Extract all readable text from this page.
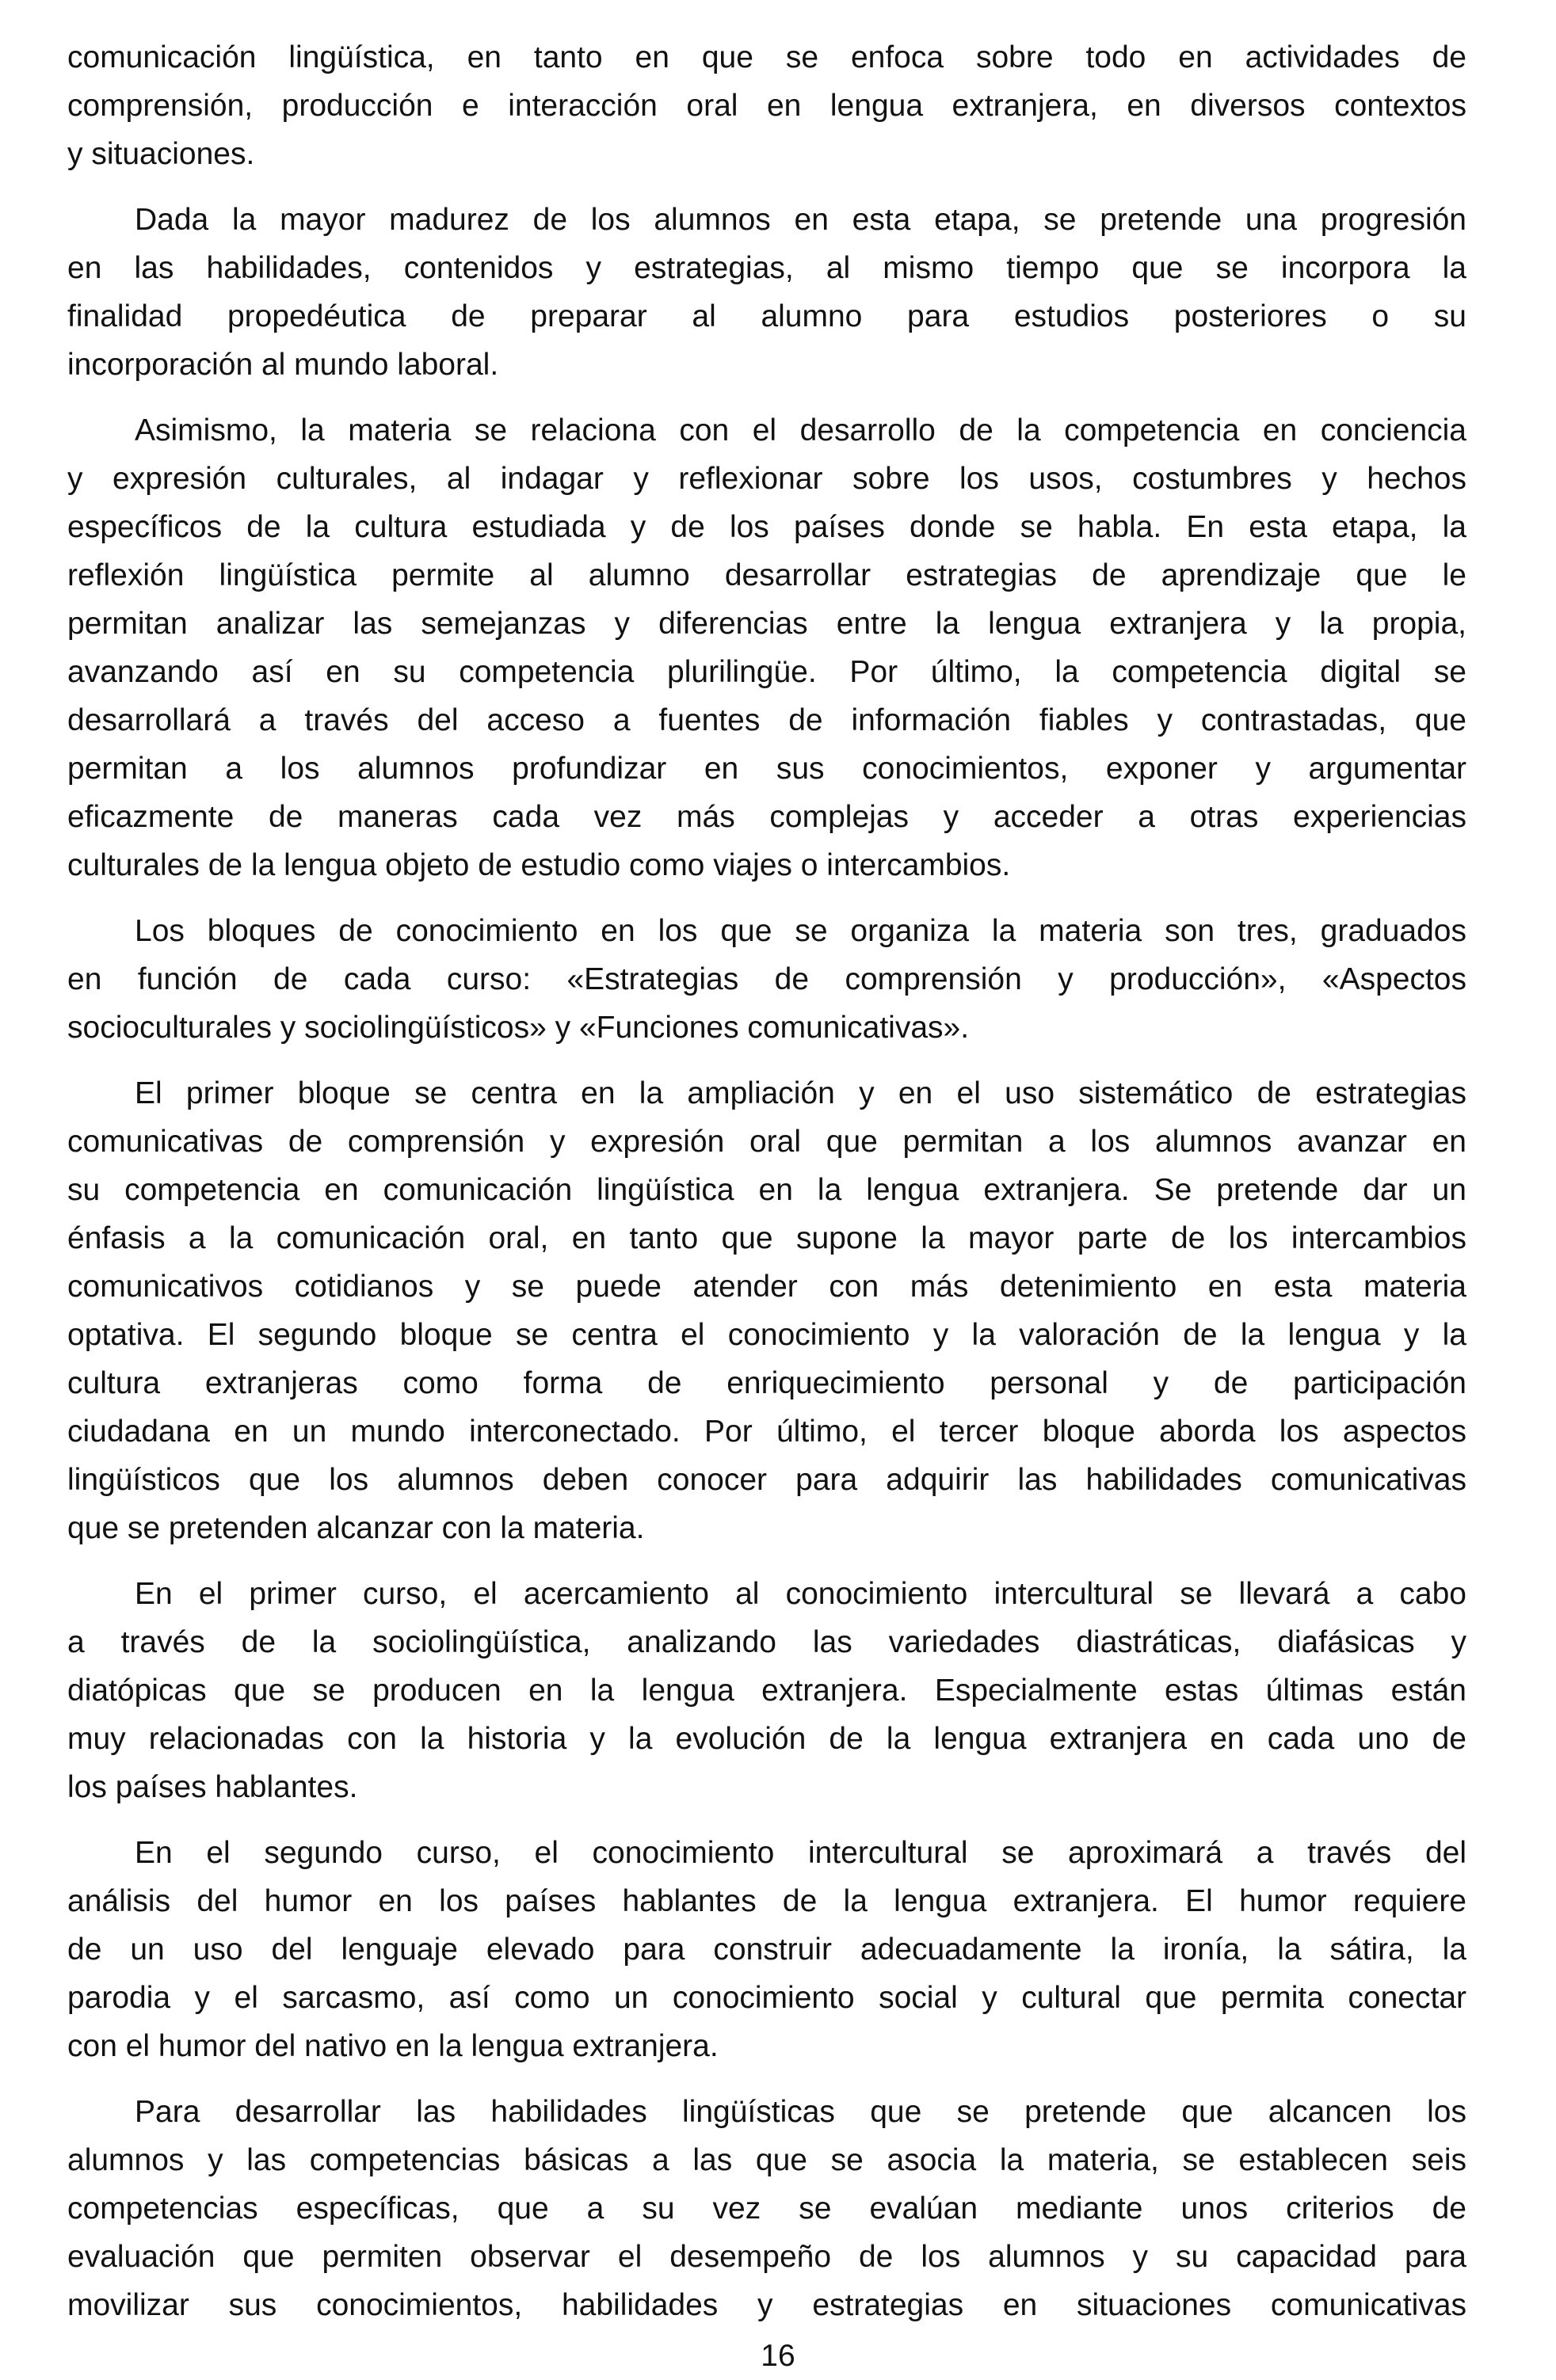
comunicación lingüística, en tanto en que se enfoca sobre todo en actividades de
comprensión, producción e interacción oral en lengua extranjera, en diversos contextos
y situaciones.
Dada la mayor madurez de los alumnos en esta etapa, se pretende una progresión
en las habilidades, contenidos y estrategias, al mismo tiempo que se incorpora la
finalidad propedéutica de preparar al alumno para estudios posteriores o su
incorporación al mundo laboral.
Asimismo, la materia se relaciona con el desarrollo de la competencia en conciencia
y expresión culturales, al indagar y reflexionar sobre los usos, costumbres y hechos
específicos de la cultura estudiada y de los países donde se habla. En esta etapa, la
reflexión lingüística permite al alumno desarrollar estrategias de aprendizaje que le
permitan analizar las semejanzas y diferencias entre la lengua extranjera y la propia,
avanzando así en su competencia plurilingüe. Por último, la competencia digital se
desarrollará a través del acceso a fuentes de información fiables y contrastadas, que
permitan a los alumnos profundizar en sus conocimientos, exponer y argumentar
eficazmente de maneras cada vez más complejas y acceder a otras experiencias
culturales de la lengua objeto de estudio como viajes o intercambios.
Los bloques de conocimiento en los que se organiza la materia son tres, graduados
en función de cada curso: «Estrategias de comprensión y producción», «Aspectos
socioculturales y sociolingüísticos» y «Funciones comunicativas».
El primer bloque se centra en la ampliación y en el uso sistemático de estrategias
comunicativas de comprensión y expresión oral que permitan a los alumnos avanzar en
su competencia en comunicación lingüística en la lengua extranjera. Se pretende dar un
énfasis a la comunicación oral, en tanto que supone la mayor parte de los intercambios
comunicativos cotidianos y se puede atender con más detenimiento en esta materia
optativa. El segundo bloque se centra el conocimiento y la valoración de la lengua y la
cultura extranjeras como forma de enriquecimiento personal y de participación
ciudadana en un mundo interconectado. Por último, el tercer bloque aborda los aspectos
lingüísticos que los alumnos deben conocer para adquirir las habilidades comunicativas
que se pretenden alcanzar con la materia.
En el primer curso, el acercamiento al conocimiento intercultural se llevará a cabo
a través de la sociolingüística, analizando las variedades diastráticas, diafásicas y
diatópicas que se producen en la lengua extranjera. Especialmente estas últimas están
muy relacionadas con la historia y la evolución de la lengua extranjera en cada uno de
los países hablantes.
En el segundo curso, el conocimiento intercultural se aproximará a través del
análisis del humor en los países hablantes de la lengua extranjera. El humor requiere
de un uso del lenguaje elevado para construir adecuadamente la ironía, la sátira, la
parodia y el sarcasmo, así como un conocimiento social y cultural que permita conectar
con el humor del nativo en la lengua extranjera.
Para desarrollar las habilidades lingüísticas que se pretende que alcancen los
alumnos y las competencias básicas a las que se asocia la materia, se establecen seis
competencias específicas, que a su vez se evalúan mediante unos criterios de
evaluación que permiten observar el desempeño de los alumnos y su capacidad para
movilizar sus conocimientos, habilidades y estrategias en situaciones comunicativas
16
